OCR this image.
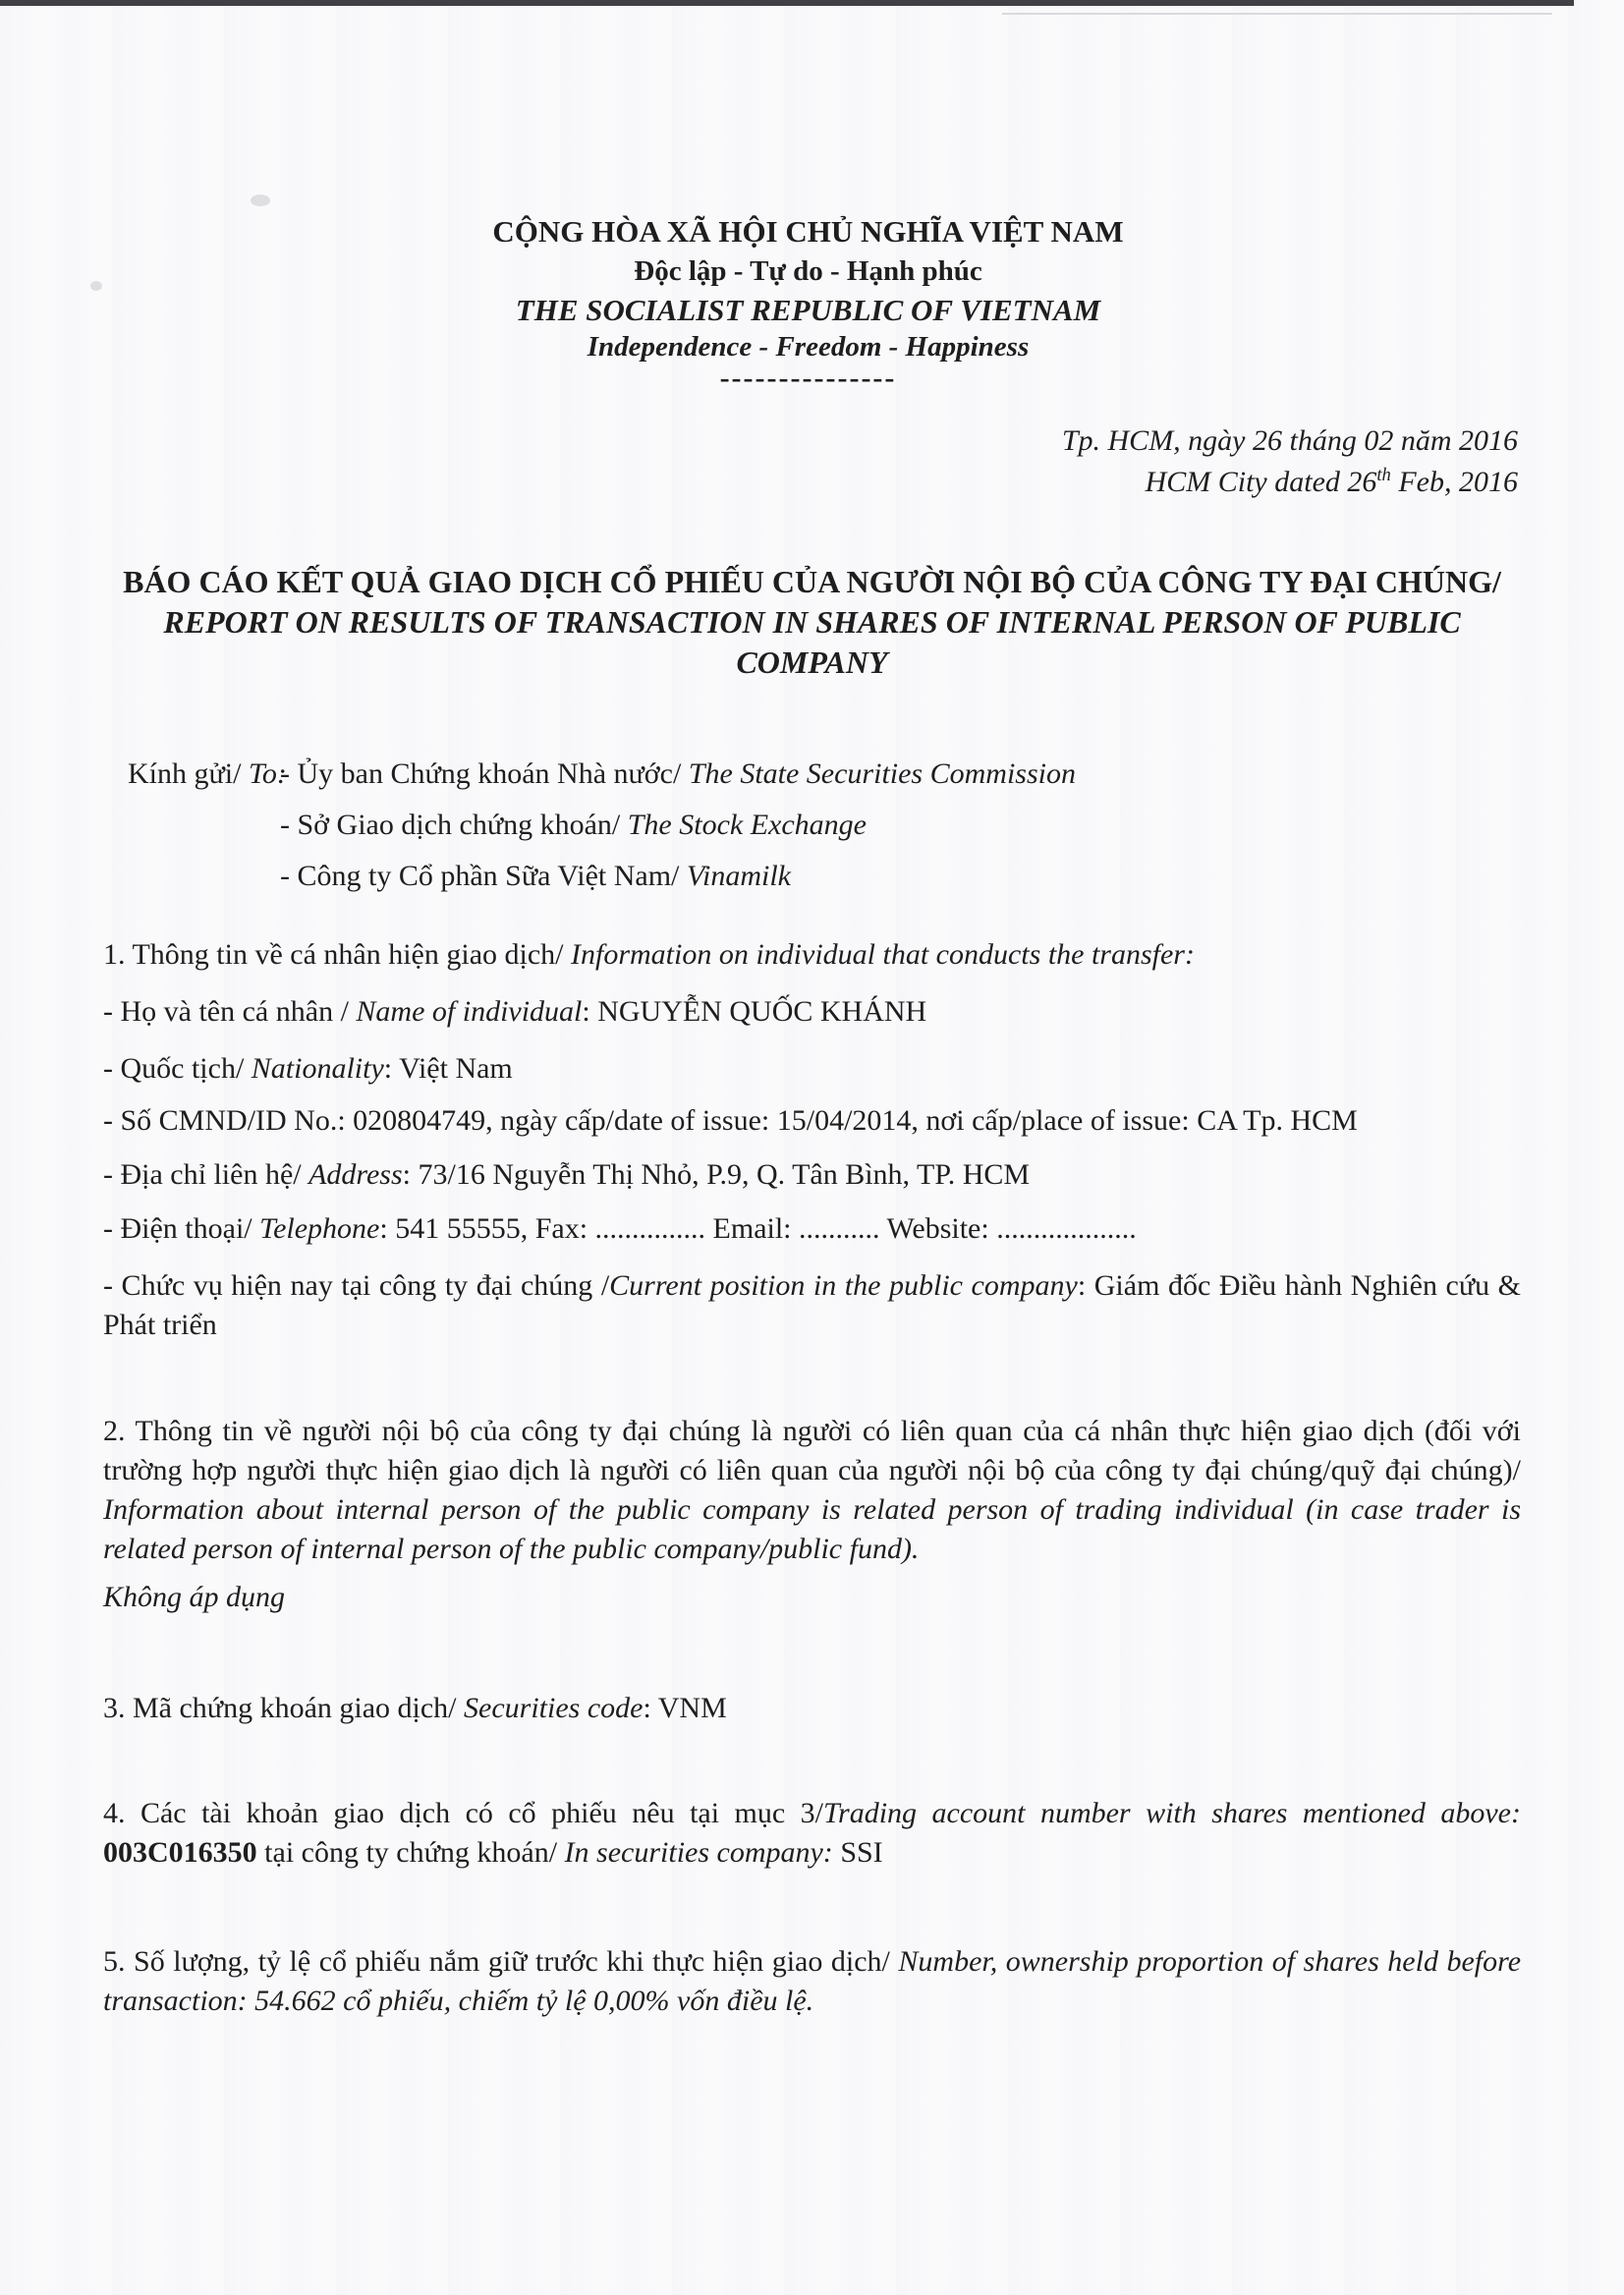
CỘNG HÒA XÃ HỘI CHỦ NGHĨA VIỆT NAM
Độc lập - Tự do - Hạnh phúc
THE SOCIALIST REPUBLIC OF VIETNAM
Independence - Freedom - Happiness
---------------
Tp. HCM, ngày 26 tháng 02 năm 2016
HCM City dated 26th Feb, 2016
BÁO CÁO KẾT QUẢ GIAO DỊCH CỔ PHIẾU CỦA NGƯỜI NỘI BỘ CỦA CÔNG TY ĐẠI CHÚNG/ REPORT ON RESULTS OF TRANSACTION IN SHARES OF INTERNAL PERSON OF PUBLIC COMPANY
Kính gửi/ To:
- Ủy ban Chứng khoán Nhà nước/ The State Securities Commission
- Sở Giao dịch chứng khoán/ The Stock Exchange
- Công ty Cổ phần Sữa Việt Nam/ Vinamilk
1. Thông tin về cá nhân hiện giao dịch/ Information on individual that conducts the transfer:
- Họ và tên cá nhân / Name of individual: NGUYỄN QUỐC KHÁNH
- Quốc tịch/ Nationality: Việt Nam
- Số CMND/ID No.: 020804749, ngày cấp/date of issue: 15/04/2014, nơi cấp/place of issue: CA Tp. HCM
- Địa chỉ liên hệ/ Address: 73/16 Nguyễn Thị Nhỏ, P.9, Q. Tân Bình, TP. HCM
- Điện thoại/ Telephone: 541 55555, Fax: ............... Email: ........... Website: ...................
- Chức vụ hiện nay tại công ty đại chúng /Current position in the public company: Giám đốc Điều hành Nghiên cứu & Phát triển
2. Thông tin về người nội bộ của công ty đại chúng là người có liên quan của cá nhân thực hiện giao dịch (đối với trường hợp người thực hiện giao dịch là người có liên quan của người nội bộ của công ty đại chúng/quỹ đại chúng)/ Information about internal person of the public company is related person of trading individual (in case trader is related person of internal person of the public company/public fund).
Không áp dụng
3. Mã chứng khoán giao dịch/ Securities code: VNM
4. Các tài khoản giao dịch có cổ phiếu nêu tại mục 3/Trading account number with shares mentioned above: 003C016350 tại công ty chứng khoán/ In securities company: SSI
5. Số lượng, tỷ lệ cổ phiếu nắm giữ trước khi thực hiện giao dịch/ Number, ownership proportion of shares held before transaction: 54.662 cổ phiếu, chiếm tỷ lệ 0,00% vốn điều lệ.
